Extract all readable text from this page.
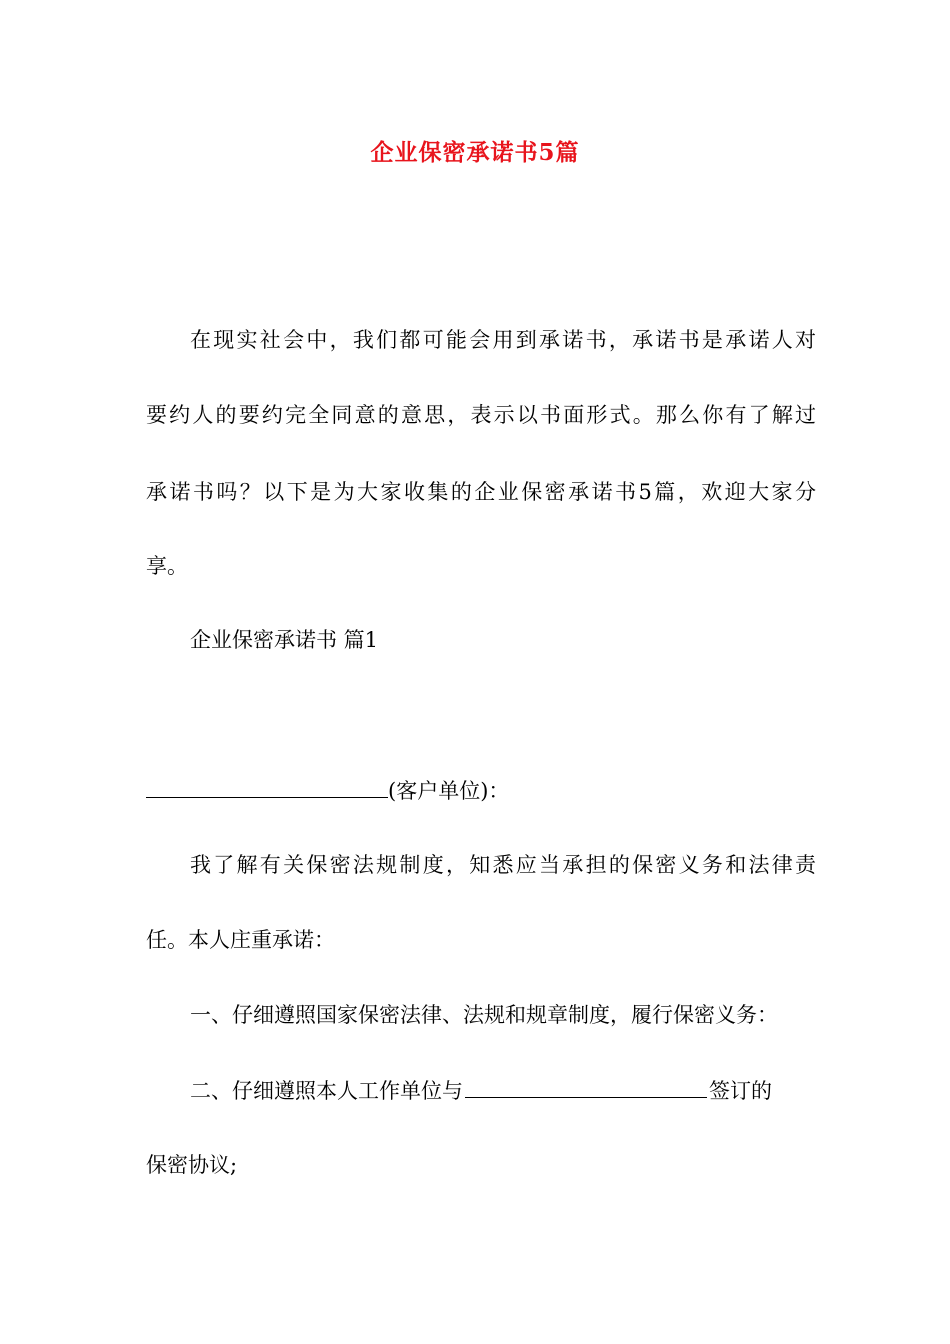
企业保密承诺书5篇
在现实社会中，我们都可能会用到承诺书，承诺书是承诺人对
要约人的要约完全同意的意思，表示以书面形式。那么你有了解过
承诺书吗？以下是为大家收集的企业保密承诺书5篇，欢迎大家分
享。
企业保密承诺书 篇1
(客户单位)：
我了解有关保密法规制度，知悉应当承担的保密义务和法律责
任。本人庄重承诺：
一、仔细遵照国家保密法律、法规和规章制度，履行保密义务：
二、仔细遵照本人工作单位与	签订的
保密协议;
